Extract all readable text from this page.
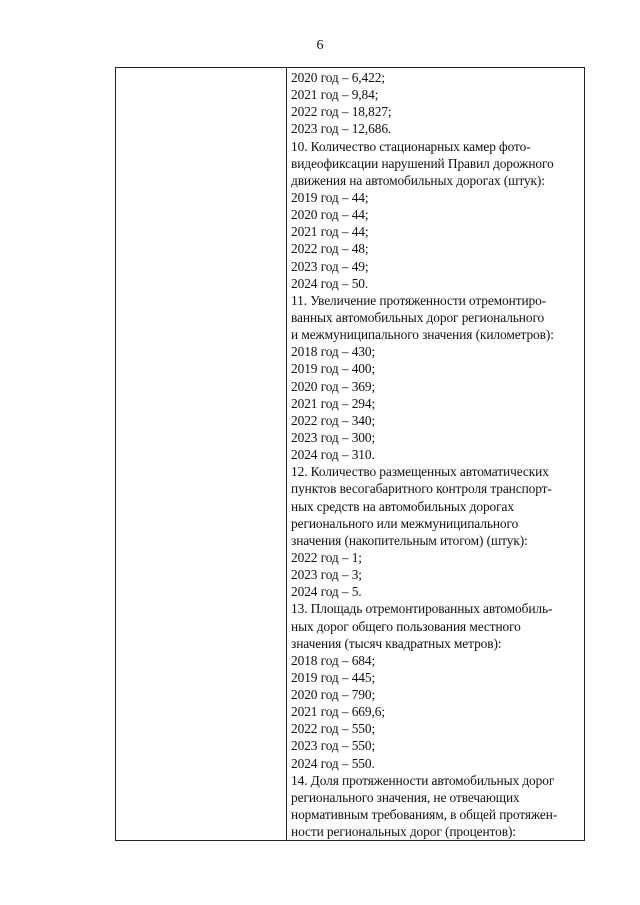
6
2020 год – 6,422;
2021 год – 9,84;
2022 год – 18,827;
2023 год – 12,686.
10. Количество стационарных камер фото-
видеофиксации нарушений Правил дорожного
движения на автомобильных дорогах (штук):
2019 год – 44;
2020 год – 44;
2021 год – 44;
2022 год – 48;
2023 год – 49;
2024 год – 50.
11. Увеличение протяженности отремонтиро-
ванных автомобильных дорог регионального
и межмуниципального значения (километров):
2018 год – 430;
2019 год – 400;
2020 год – 369;
2021 год – 294;
2022 год – 340;
2023 год – 300;
2024 год – 310.
12. Количество размещенных автоматических
пунктов весогабаритного контроля транспорт-
ных средств на автомобильных дорогах
регионального или межмуниципального
значения (накопительным итогом) (штук):
2022 год – 1;
2023 год – 3;
2024 год – 5.
13. Площадь отремонтированных автомобиль-
ных дорог общего пользования местного
значения (тысяч квадратных метров):
2018 год – 684;
2019 год – 445;
2020 год – 790;
2021 год – 669,6;
2022 год – 550;
2023 год – 550;
2024 год – 550.
14. Доля протяженности автомобильных дорог
регионального значения, не отвечающих
нормативным требованиям, в общей протяжен-
ности региональных дорог (процентов):
